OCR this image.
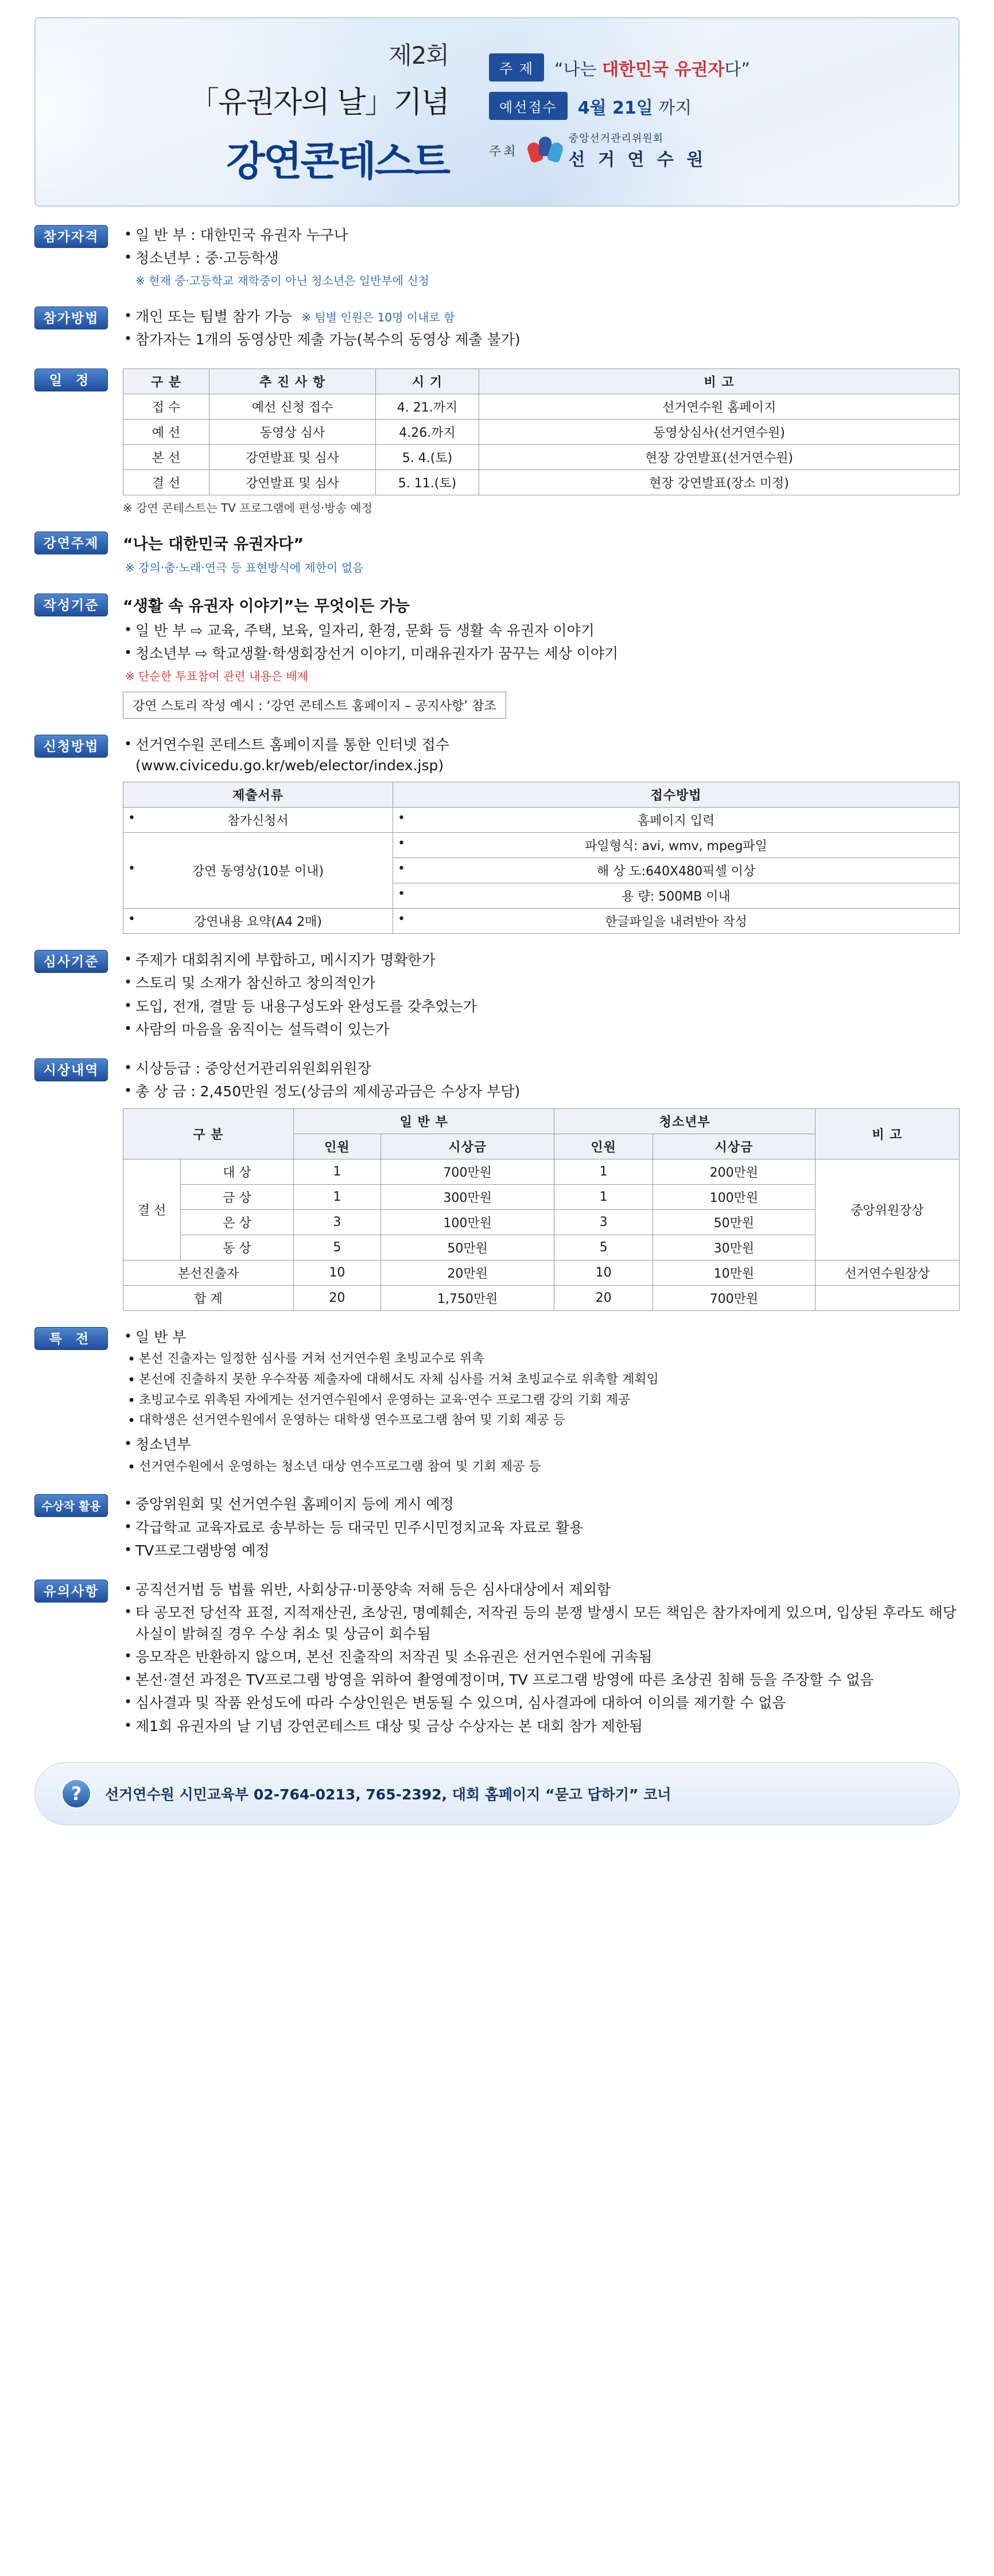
제2회
「유권자의 날」기념
강연콘테스트
주 제	“나는 대한민국 유권자다”
예선접수	4월 21일 까지
주최
중앙선거관리위원회
선 거 연 수 원
참가자격	• 일 반 부 : 대한민국 유권자 누구나
• 청소년부 : 중·고등학생
※ 현재 중·고등학교 재학중이 아닌 청소년은 일반부에 신청
참가방법	• 개인 또는 팀별 참가 가능 ※ 팀별 인원은 10명 이내로 함
• 참가자는 1개의 동영상만 제출 가능(복수의 동영상 제출 불가)
일 정	구 분	추 진 사 항	시 기	비 고
접 수	예선 신청 접수	4. 21.까지	선거연수원 홈페이지
예 선	동영상 심사	4.26.까지	동영상심사(선거연수원)
본 선	강연발표 및 심사	5. 4.(토)	현장 강연발표(선거연수원)
결 선	강연발표 및 심사	5. 11.(토)	현장 강연발표(장소 미정)
※ 강연 콘테스트는 TV 프로그램에 편성·방송 예정
강연주제	“나는 대한민국 유권자다”
※ 강의·춤·노래·연극 등 표현방식에 제한이 없음
작성기준	“생활 속 유권자 이야기”는 무엇이든 가능
• 일 반 부 ⇨ 교육, 주택, 보육, 일자리, 환경, 문화 등 생활 속 유권자 이야기
• 청소년부 ⇨ 학교생활·학생회장선거 이야기, 미래유권자가 꿈꾸는 세상 이야기
※ 단순한 투표참여 관련 내용은 배제
강연 스토리 작성 예시 : ‘강연 콘테스트 홈페이지 – 공지사항’ 참조
신청방법	• 선거연수원 콘테스트 홈페이지를 통한 인터넷 접수
(www.civicedu.go.kr/web/elector/index.jsp)
제출서류	접수방법
• 참가신청서	• 홈페이지 입력
• 강연 동영상(10분 이내)	• 파일형식: avi, wmv, mpeg파일
	• 해 상 도:640X480픽셀 이상
	• 용 량: 500MB 이내
• 강연내용 요약(A4 2매)	• 한글파일을 내려받아 작성
심사기준	• 주제가 대회취지에 부합하고, 메시지가 명확한가
• 스토리 및 소재가 참신하고 창의적인가
• 도입, 전개, 결말 등 내용구성도와 완성도를 갖추었는가
• 사람의 마음을 움직이는 설득력이 있는가
시상내역	• 시상등급 : 중앙선거관리위원회위원장
• 총 상 금 : 2,450만원 정도(상금의 제세공과금은 수상자 부담)
구 분		일 반 부		청소년부		비 고
		인원	시상금	인원	시상금	
결 선	대 상	1	700만원	1	200만원	중앙위원장상
	금 상	1	300만원	1	100만원	
	은 상	3	100만원	3	50만원	
	동 상	5	50만원	5	30만원	
본선진출자		10	20만원	10	10만원	선거연수원장상
합 계		20	1,750만원	20	700만원	
특 전	• 일 반 부
• 본선 진출자는 일정한 심사를 거쳐 선거연수원 초빙교수로 위촉
• 본선에 진출하지 못한 우수작품 제출자에 대해서도 자체 심사를 거쳐 초빙교수로 위촉할 계획임
• 초빙교수로 위촉된 자에게는 선거연수원에서 운영하는 교육·연수 프로그램 강의 기회 제공
• 대학생은 선거연수원에서 운영하는 대학생 연수프로그램 참여 및 기회 제공 등
• 청소년부
• 선거연수원에서 운영하는 청소년 대상 연수프로그램 참여 및 기회 제공 등
수상작 활용	• 중앙위원회 및 선거연수원 홈페이지 등에 게시 예정
• 각급학교 교육자료로 송부하는 등 대국민 민주시민정치교육 자료로 활용
• TV프로그램방영 예정
유의사항	• 공직선거법 등 법률 위반, 사회상규·미풍양속 저해 등은 심사대상에서 제외함
• 타 공모전 당선작 표절, 지적재산권, 초상권, 명예훼손, 저작권 등의 분쟁 발생시 모든 책임은 참가자에게 있으며, 입상된 후라도 해당 사실이 밝혀질 경우 수상 취소 및 상금이 회수됨
• 응모작은 반환하지 않으며, 본선 진출작의 저작권 및 소유권은 선거연수원에 귀속됨
• 본선·결선 과정은 TV프로그램 방영을 위하여 촬영예정이며, TV 프로그램 방영에 따른 초상권 침해 등을 주장할 수 없음
• 심사결과 및 작품 완성도에 따라 수상인원은 변동될 수 있으며, 심사결과에 대하여 이의를 제기할 수 없음
• 제1회 유권자의 날 기념 강연콘테스트 대상 및 금상 수상자는 본 대회 참가 제한됨
?	선거연수원 시민교육부 02-764-0213, 765-2392, 대회 홈페이지 “묻고 답하기” 코너
